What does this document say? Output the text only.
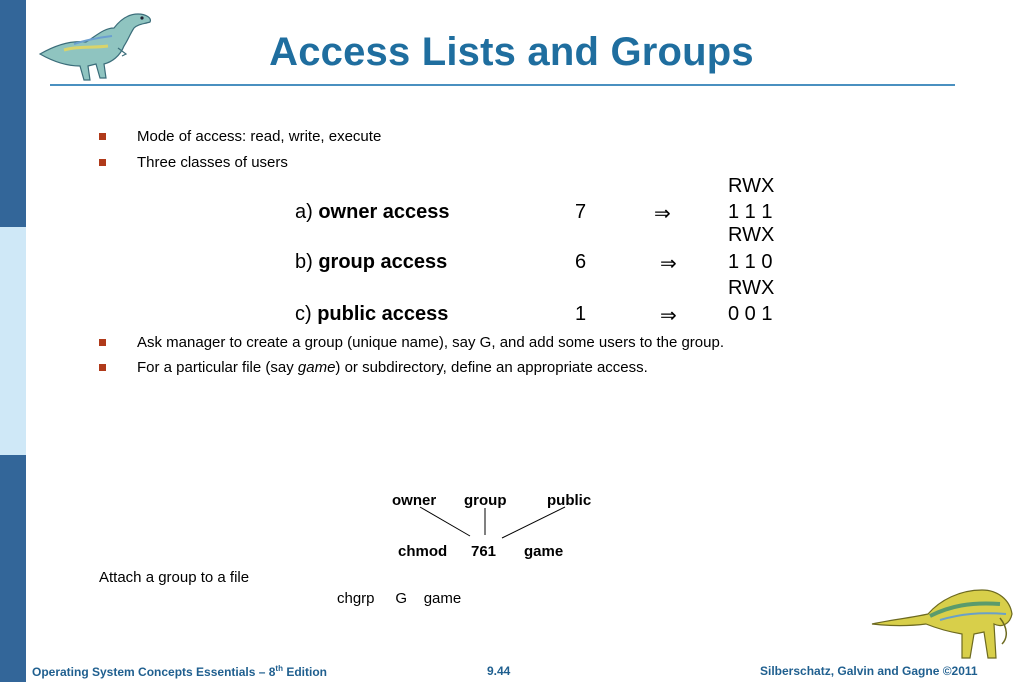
Access Lists and Groups
Mode of access: read, write, execute
Three classes of users
RWX
a) owner access	7	⇒	1 1 1
RWX
b) group access	6	⇒	1 1 0
RWX
c) public access	1	⇒	0 0 1
Ask manager to create a group (unique name), say G, and add some users to the group.
For a particular file (say game) or subdirectory, define an appropriate access.
owner group	public
chmod 761 game
Attach a group to a file
chgrp     G    game
Operating System Concepts Essentials – 8th Edition	9.44	Silberschatz, Galvin and Gagne ©2011
